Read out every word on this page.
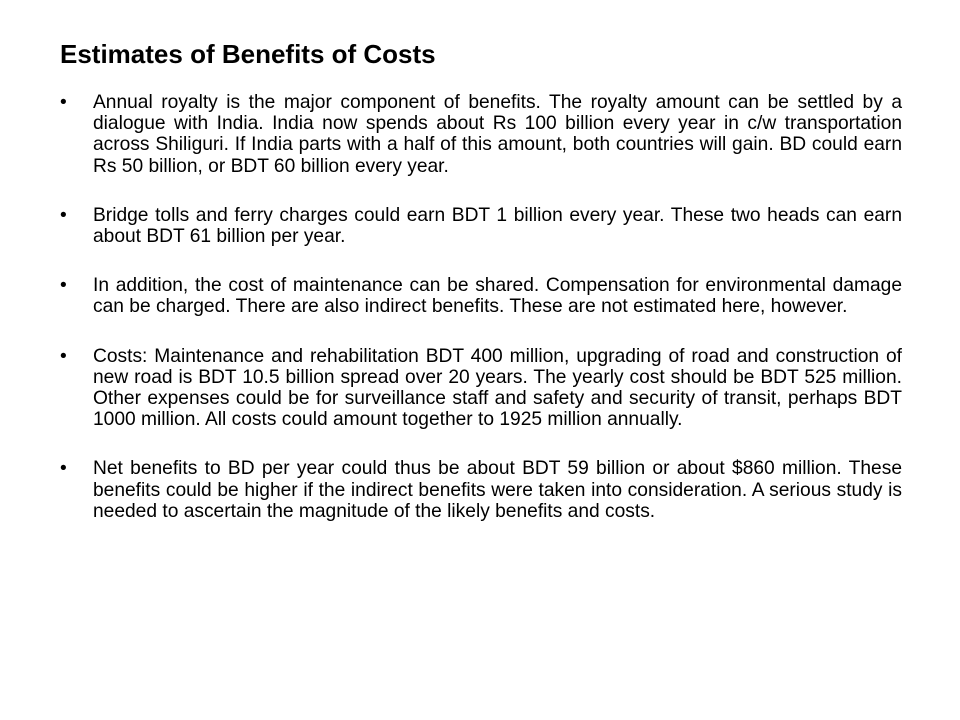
Estimates of Benefits of Costs
•	Annual royalty is the major component of benefits. The royalty amount can be settled by a dialogue with India. India now spends about Rs 100 billion every year in c/w transportation across Shiliguri. If India parts with a half of this amount, both countries will gain. BD could earn Rs 50 billion, or BDT 60 billion every year.
•	Bridge tolls and ferry charges could earn BDT 1 billion every year. These two heads can earn about BDT 61 billion per year.
•	In addition, the cost of maintenance can be shared. Compensation for environmental damage can be charged. There are also indirect benefits. These are not estimated here, however.
•	Costs: Maintenance and rehabilitation BDT 400 million, upgrading of road and construction of new road is BDT 10.5 billion spread over 20 years. The yearly cost should be BDT 525 million. Other expenses could be for surveillance staff and safety and security of transit, perhaps BDT 1000 million. All costs could amount together to 1925 million annually.
•	Net benefits to BD per year could thus be about BDT 59 billion or about $860 million. These benefits could be higher if the indirect benefits were taken into consideration. A serious study is needed to ascertain the magnitude of the likely benefits and costs.
